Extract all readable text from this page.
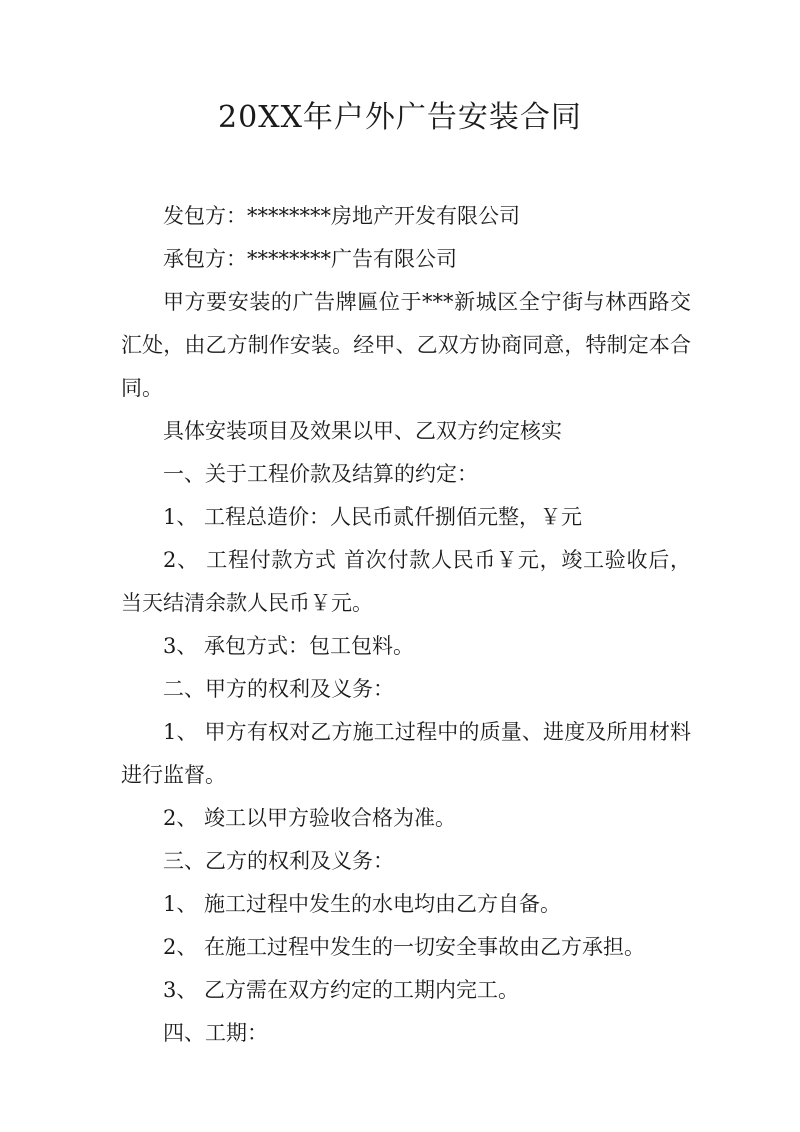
20XX年户外广告安装合同

发包方：********房地产开发有限公司

承包方：********广告有限公司

甲方要安装的广告牌匾位于***新城区全宁街与林西路交汇处，由乙方制作安装。经甲、乙双方协商同意，特制定本合同。

具体安装项目及效果以甲、乙双方约定核实

一、关于工程价款及结算的约定：

1、 工程总造价：人民币贰仟捌佰元整，￥元

2、 工程付款方式 首次付款人民币￥元，竣工验收后，当天结清余款人民币￥元。

3、 承包方式：包工包料。

二、甲方的权利及义务：

1、 甲方有权对乙方施工过程中的质量、进度及所用材料进行监督。

2、 竣工以甲方验收合格为准。

三、乙方的权利及义务：

1、 施工过程中发生的水电均由乙方自备。

2、 在施工过程中发生的一切安全事故由乙方承担。

3、 乙方需在双方约定的工期内完工。

四、工期：
